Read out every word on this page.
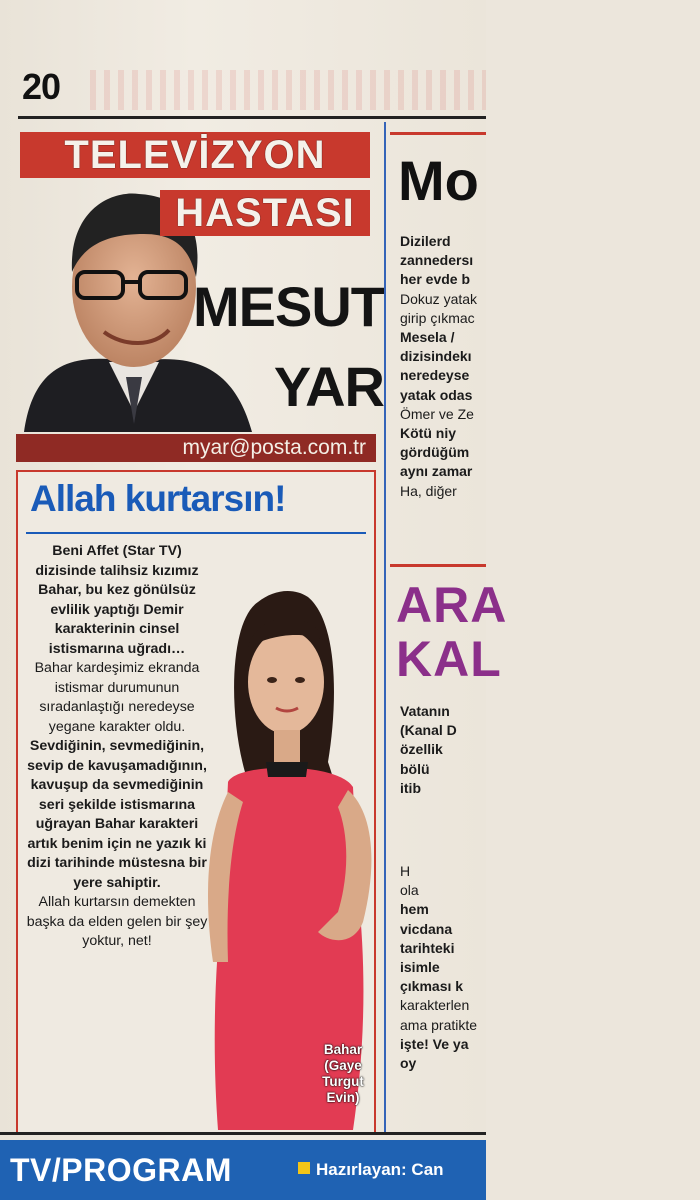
20
TELEVİZYON
HASTASI
MESUT
YAR
myar@posta.com.tr
Allah kurtarsın!

Beni Affet (Star TV) dizisinde talihsiz kızımız Bahar, bu kez gönülsüz evlilik yaptığı Demir karakterinin cinsel istismarına uğradı…

Bahar kardeşimiz ekranda istismar durumunun sıradanlaştığı neredeyse yegane karakter oldu.

Sevdiğinin, sevmediğinin, sevip de kavuşamadığının, kavuşup da sevmediğinin seri şekilde istismarına uğrayan Bahar karakteri artık benim için ne yazık ki dizi tarihinde müstesna bir yere sahiptir.

Allah kurtarsın demekten başka da elden gelen bir şey yoktur, net!

Bahar (Gaye Turgut Evin)
Mo

Dizilerd

zannedersı

her evde b

Dokuz yatak

girip çıkmac

Mesela /

dizisindekı

neredeyse

yatak odas

Ömer ve Ze

Kötü niy

gördüğüm

aynı zamar

Ha, diğer

ARA
KAL

Vatanın

(Kanal D

özellik

bölü

itib

H

ola

hem

vicdana

tarihteki

isimle

çıkması k

karakterlen

ama pratikte

işte! Ve ya

oy

TV/PROGRAM	Hazırlayan: Can
